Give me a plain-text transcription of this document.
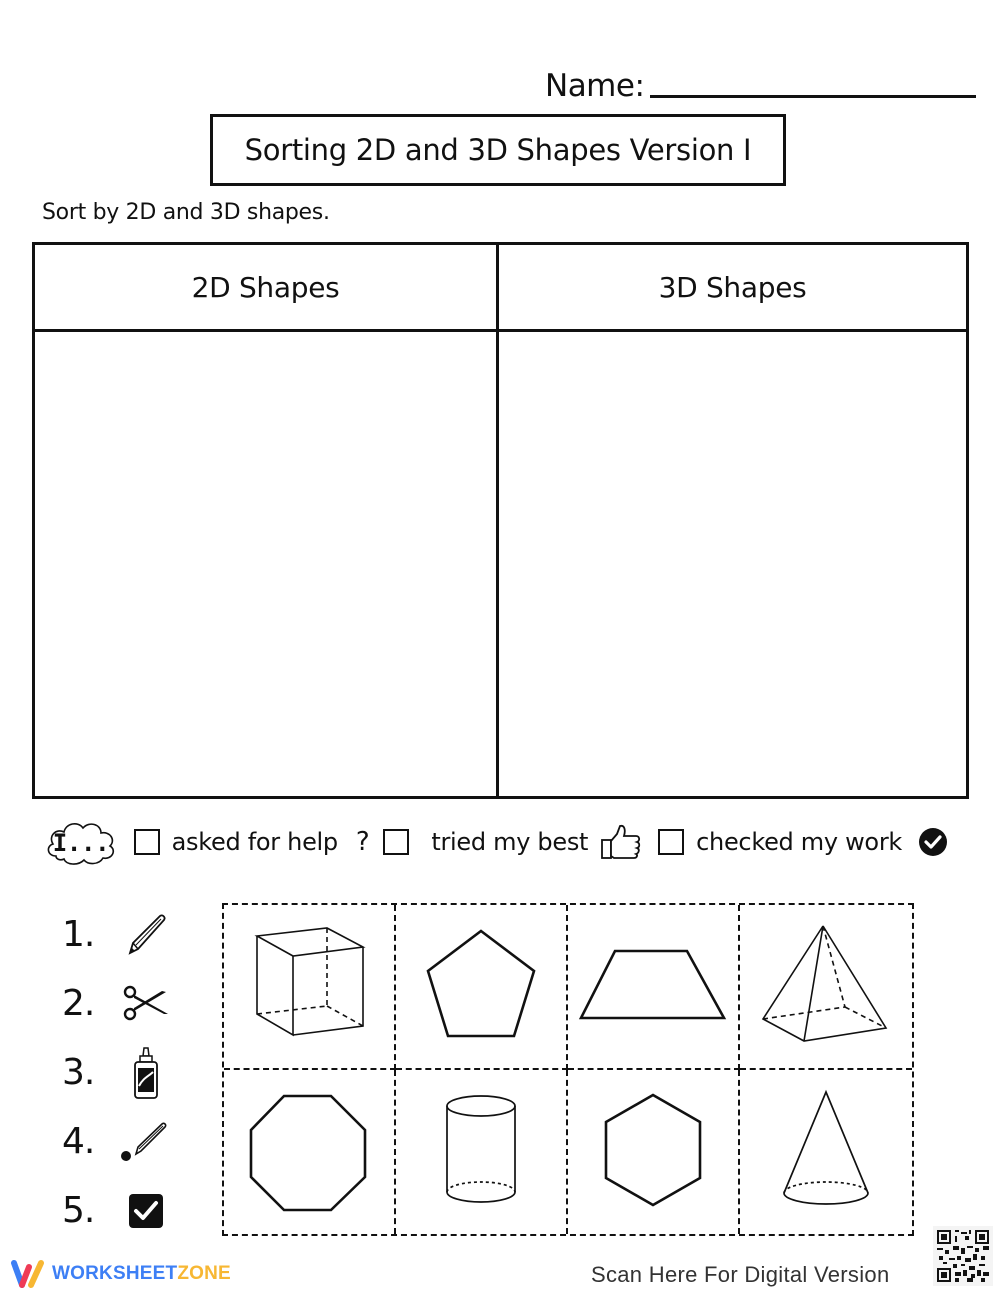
Name:
Sorting 2D and 3D Shapes Version I
Sort by 2D and 3D shapes.
2D Shapes	3D Shapes
I...	asked for help ?	tried my best	checked my work
1.
2.
3.
4.
5.
WORKSHEETZONE	Scan Here For Digital Version
